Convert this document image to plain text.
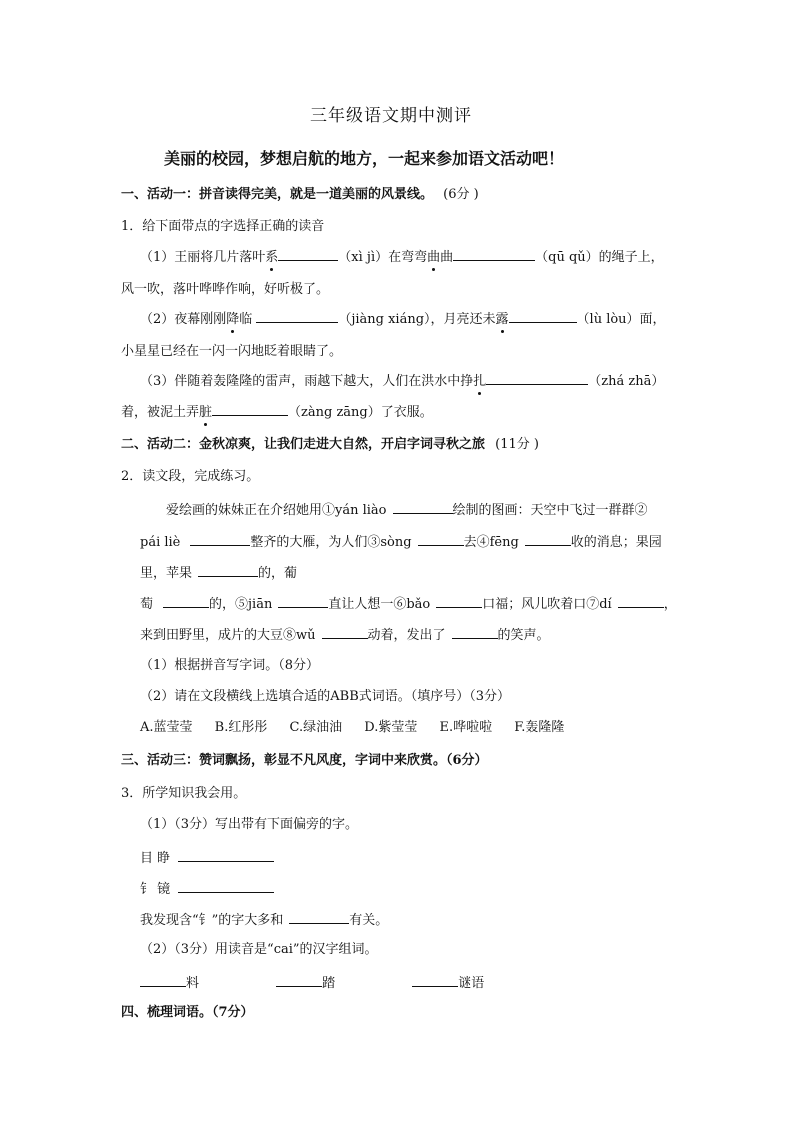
三年级语文期中测评
美丽的校园，梦想启航的地方，一起来参加语文活动吧！
一、活动一：拼音读得完美，就是一道美丽的风景线。 (6分 )
1．给下面带点的字选择正确的读音
（1）王丽将几片落叶系	（xì jì）在弯弯曲曲	（qū qǔ）的绳子上，
风一吹，落叶哗哗作响，好听极了。
（2）夜幕刚刚降临	（jiàng xiáng），月亮还未露	（lù lòu）面，
小星星已经在一闪一闪地眨着眼睛了。
（3）伴随着轰隆隆的雷声，雨越下越大，人们在洪水中挣扎	（zhá zhā）
着，被泥土弄脏	（zàng zāng）了衣服。
二、活动二：金秋凉爽，让我们走进大自然，开启字词寻秋之旅 (11分 )
2．读文段，完成练习。
爱绘画的妹妹正在介绍她用①yán liào	绘制的图画：天空中飞过一群群②
pái liè	整齐的大雁，为人们③sòng	去④fēng	收的消息；果园
里，苹果	的，葡
萄	的，⑤jiān	直让人想一⑥bǎo	口福；风儿吹着口⑦dí	，
来到田野里，成片的大豆⑧wǔ	动着，发出了	的笑声。
（1）根据拼音写字词。（8分）
（2）请在文段横线上选填合适的ABB式词语。（填序号）（3分）
A.蓝莹莹 B.红彤彤 C.绿油油 D.紫莹莹 E.哗啦啦 F.轰隆隆
三、活动三：赞词飘扬，彰显不凡风度，字词中来欣赏。（6分）
3．所学知识我会用。
（1）（3分）写出带有下面偏旁的字。
目 睁
钅 镜
我发现含“钅”的字大多和	有关。
（2）（3分）用读音是“cai”的汉字组词。
料	踏	谜语
四、梳理词语。（7分）
